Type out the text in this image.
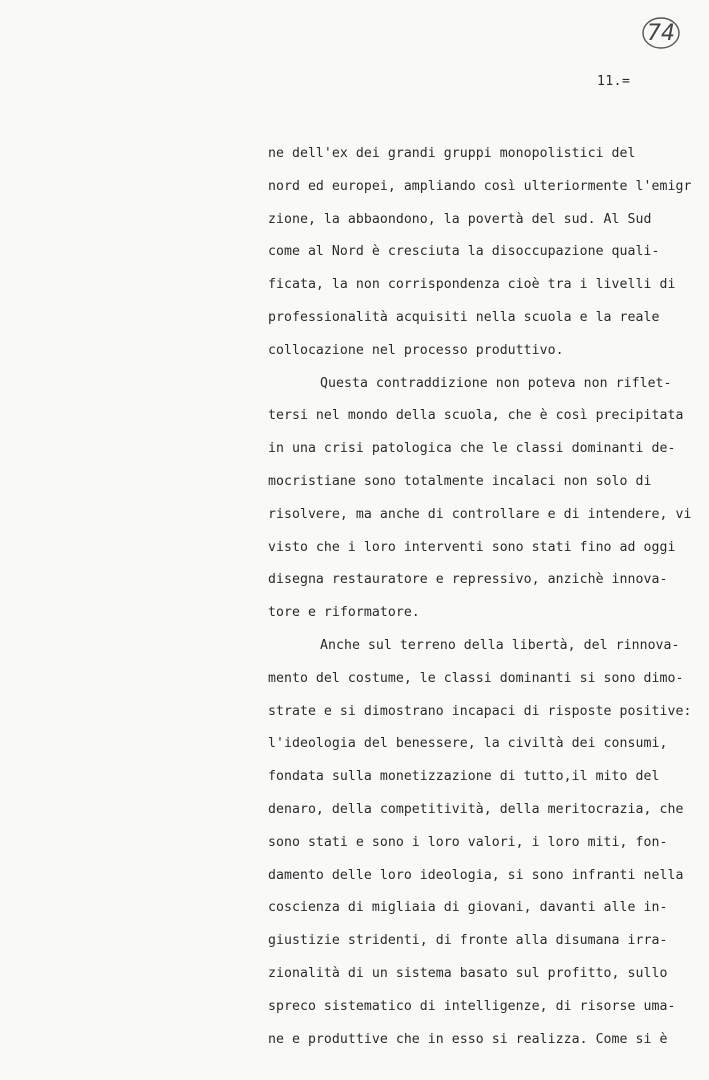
74
11.=
ne dell'ex dei grandi gruppi monopolistici del
nord ed europei, ampliando così ulteriormente l'emigr
zione, la abbaondono, la povertà del sud. Al Sud
come al Nord è cresciuta la disoccupazione quali-
ficata, la non corrispondenza cioè tra i livelli di
professionalità acquisiti nella scuola e la reale
collocazione nel processo produttivo.
Questa contraddizione non poteva non riflet-
tersi nel mondo della scuola, che è così precipitata
in una crisi patologica che le classi dominanti de-
mocristiane sono totalmente incalaci non solo di
risolvere, ma anche di controllare e di intendere, vi
visto che i loro interventi sono stati fino ad oggi
disegna restauratore e repressivo, anzichè innova-
tore e riformatore.
Anche sul terreno della libertà, del rinnova-
mento del costume, le classi dominanti si sono dimo-
strate e si dimostrano incapaci di risposte positive:
l'ideologia del benessere, la civiltà dei consumi,
fondata sulla monetizzazione di tutto,il mito del
denaro, della competitività, della meritocrazia, che
sono stati e sono i loro valori, i loro miti, fon-
damento delle loro ideologia, si sono infranti nella
coscienza di migliaia di giovani, davanti alle in-
giustizie stridenti, di fronte alla disumana irra-
zionalità di un sistema basato sul profitto, sullo
spreco sistematico di intelligenze, di risorse uma-
ne e produttive che in esso si realizza. Come si è
